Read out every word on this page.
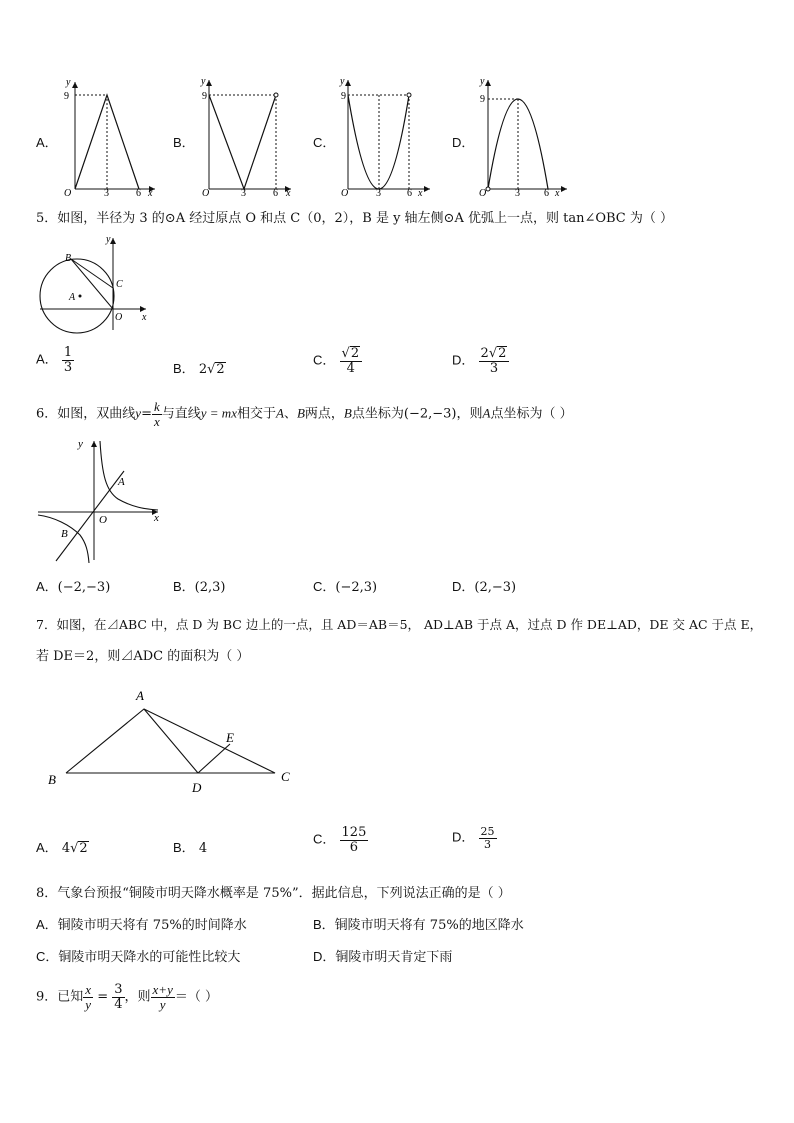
A．	B．	C．	D．
y
9
O	3	6 x
y
9
O	3	6 x
y
9
O	3	6 x
y
9
O	3 6 x
5．如图，半径为 3 的⊙A 经过原点 O 和点 C（0，2），B 是 y 轴左侧⊙A 优弧上一点，则 tan∠OBC 为（ ）
y
B
C
A
O x
A． $\frac{1}{3}$	B． 2√2
C． $\frac{√2}{4}$	D． $\frac{2√2}{3}$
6．如图，双曲线$y= \frac{k}{x}$ 与直线y = mx相交于A、B两点，B点坐标为(−2,−3)，则A点坐标为（ ）
y
A
O	x
B
A．(−2,−3)	B．(2,3)	C．(−2,3)	D．(2,−3)
7．如图，在⊿ABC 中，点 D 为 BC 边上的一点，且 AD＝AB＝5， AD⊥AB 于点 A，过点 D 作 DE⊥AD，DE 交 AC 于点 E，
若 DE＝2，则⊿ADC 的面积为（ ）
A
B	C
D
E
A． 4√2	B． 4
C． $\frac{125}{6}$	D． $\frac{25}{3}$
8．气象台预报“铜陵市明天降水概率是 75%”．据此信息，下列说法正确的是（ ）
A．铜陵市明天将有 75%的时间降水	B．铜陵市明天将有 75%的地区降水
C．铜陵市明天降水的可能性比较大	D．铜陵市明天肯定下雨
9．已知 $\frac{x}{y} = \frac{3}{4}$ ，则 $\frac{x+y}{y}$ ＝（ ）
